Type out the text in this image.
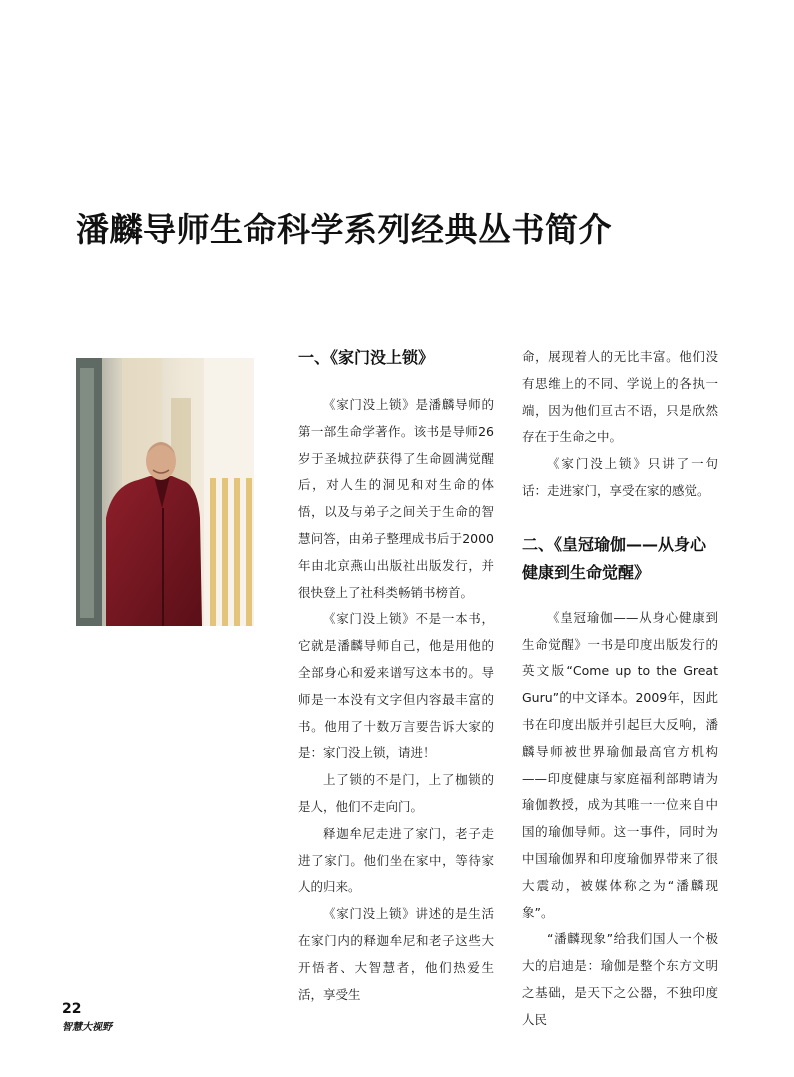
潘麟导师生命科学系列经典丛书简介
一、《家门没上锁》

《家门没上锁》是潘麟导师的第一部生命学著作。该书是导师26岁于圣城拉萨获得了生命圆满觉醒后，对人生的洞见和对生命的体悟，以及与弟子之间关于生命的智慧问答，由弟子整理成书后于2000年由北京燕山出版社出版发行，并很快登上了社科类畅销书榜首。

《家门没上锁》不是一本书，它就是潘麟导师自己，他是用他的全部身心和爱来谱写这本书的。导师是一本没有文字但内容最丰富的书。他用了十数万言要告诉大家的是：家门没上锁，请进！

上了锁的不是门，上了枷锁的是人，他们不走向门。

释迦牟尼走进了家门，老子走进了家门。他们坐在家中，等待家人的归来。

《家门没上锁》讲述的是生活在家门内的释迦牟尼和老子这些大开悟者、大智慧者，他们热爱生活，享受生

命，展现着人的无比丰富。他们没有思维上的不同、学说上的各执一端，因为他们亘古不语，只是欣然存在于生命之中。

《家门没上锁》只讲了一句话：走进家门，享受在家的感觉。

二、《皇冠瑜伽——从身心健康到生命觉醒》

《皇冠瑜伽——从身心健康到生命觉醒》一书是印度出版发行的英文版“Come up to the Great Guru”的中文译本。2009年，因此书在印度出版并引起巨大反响，潘麟导师被世界瑜伽最高官方机构——印度健康与家庭福利部聘请为瑜伽教授，成为其唯一一位来自中国的瑜伽导师。这一事件，同时为中国瑜伽界和印度瑜伽界带来了很大震动，被媒体称之为“潘麟现象”。

“潘麟现象”给我们国人一个极大的启迪是：瑜伽是整个东方文明之基础，是天下之公器，不独印度人民

22
智慧大视野
